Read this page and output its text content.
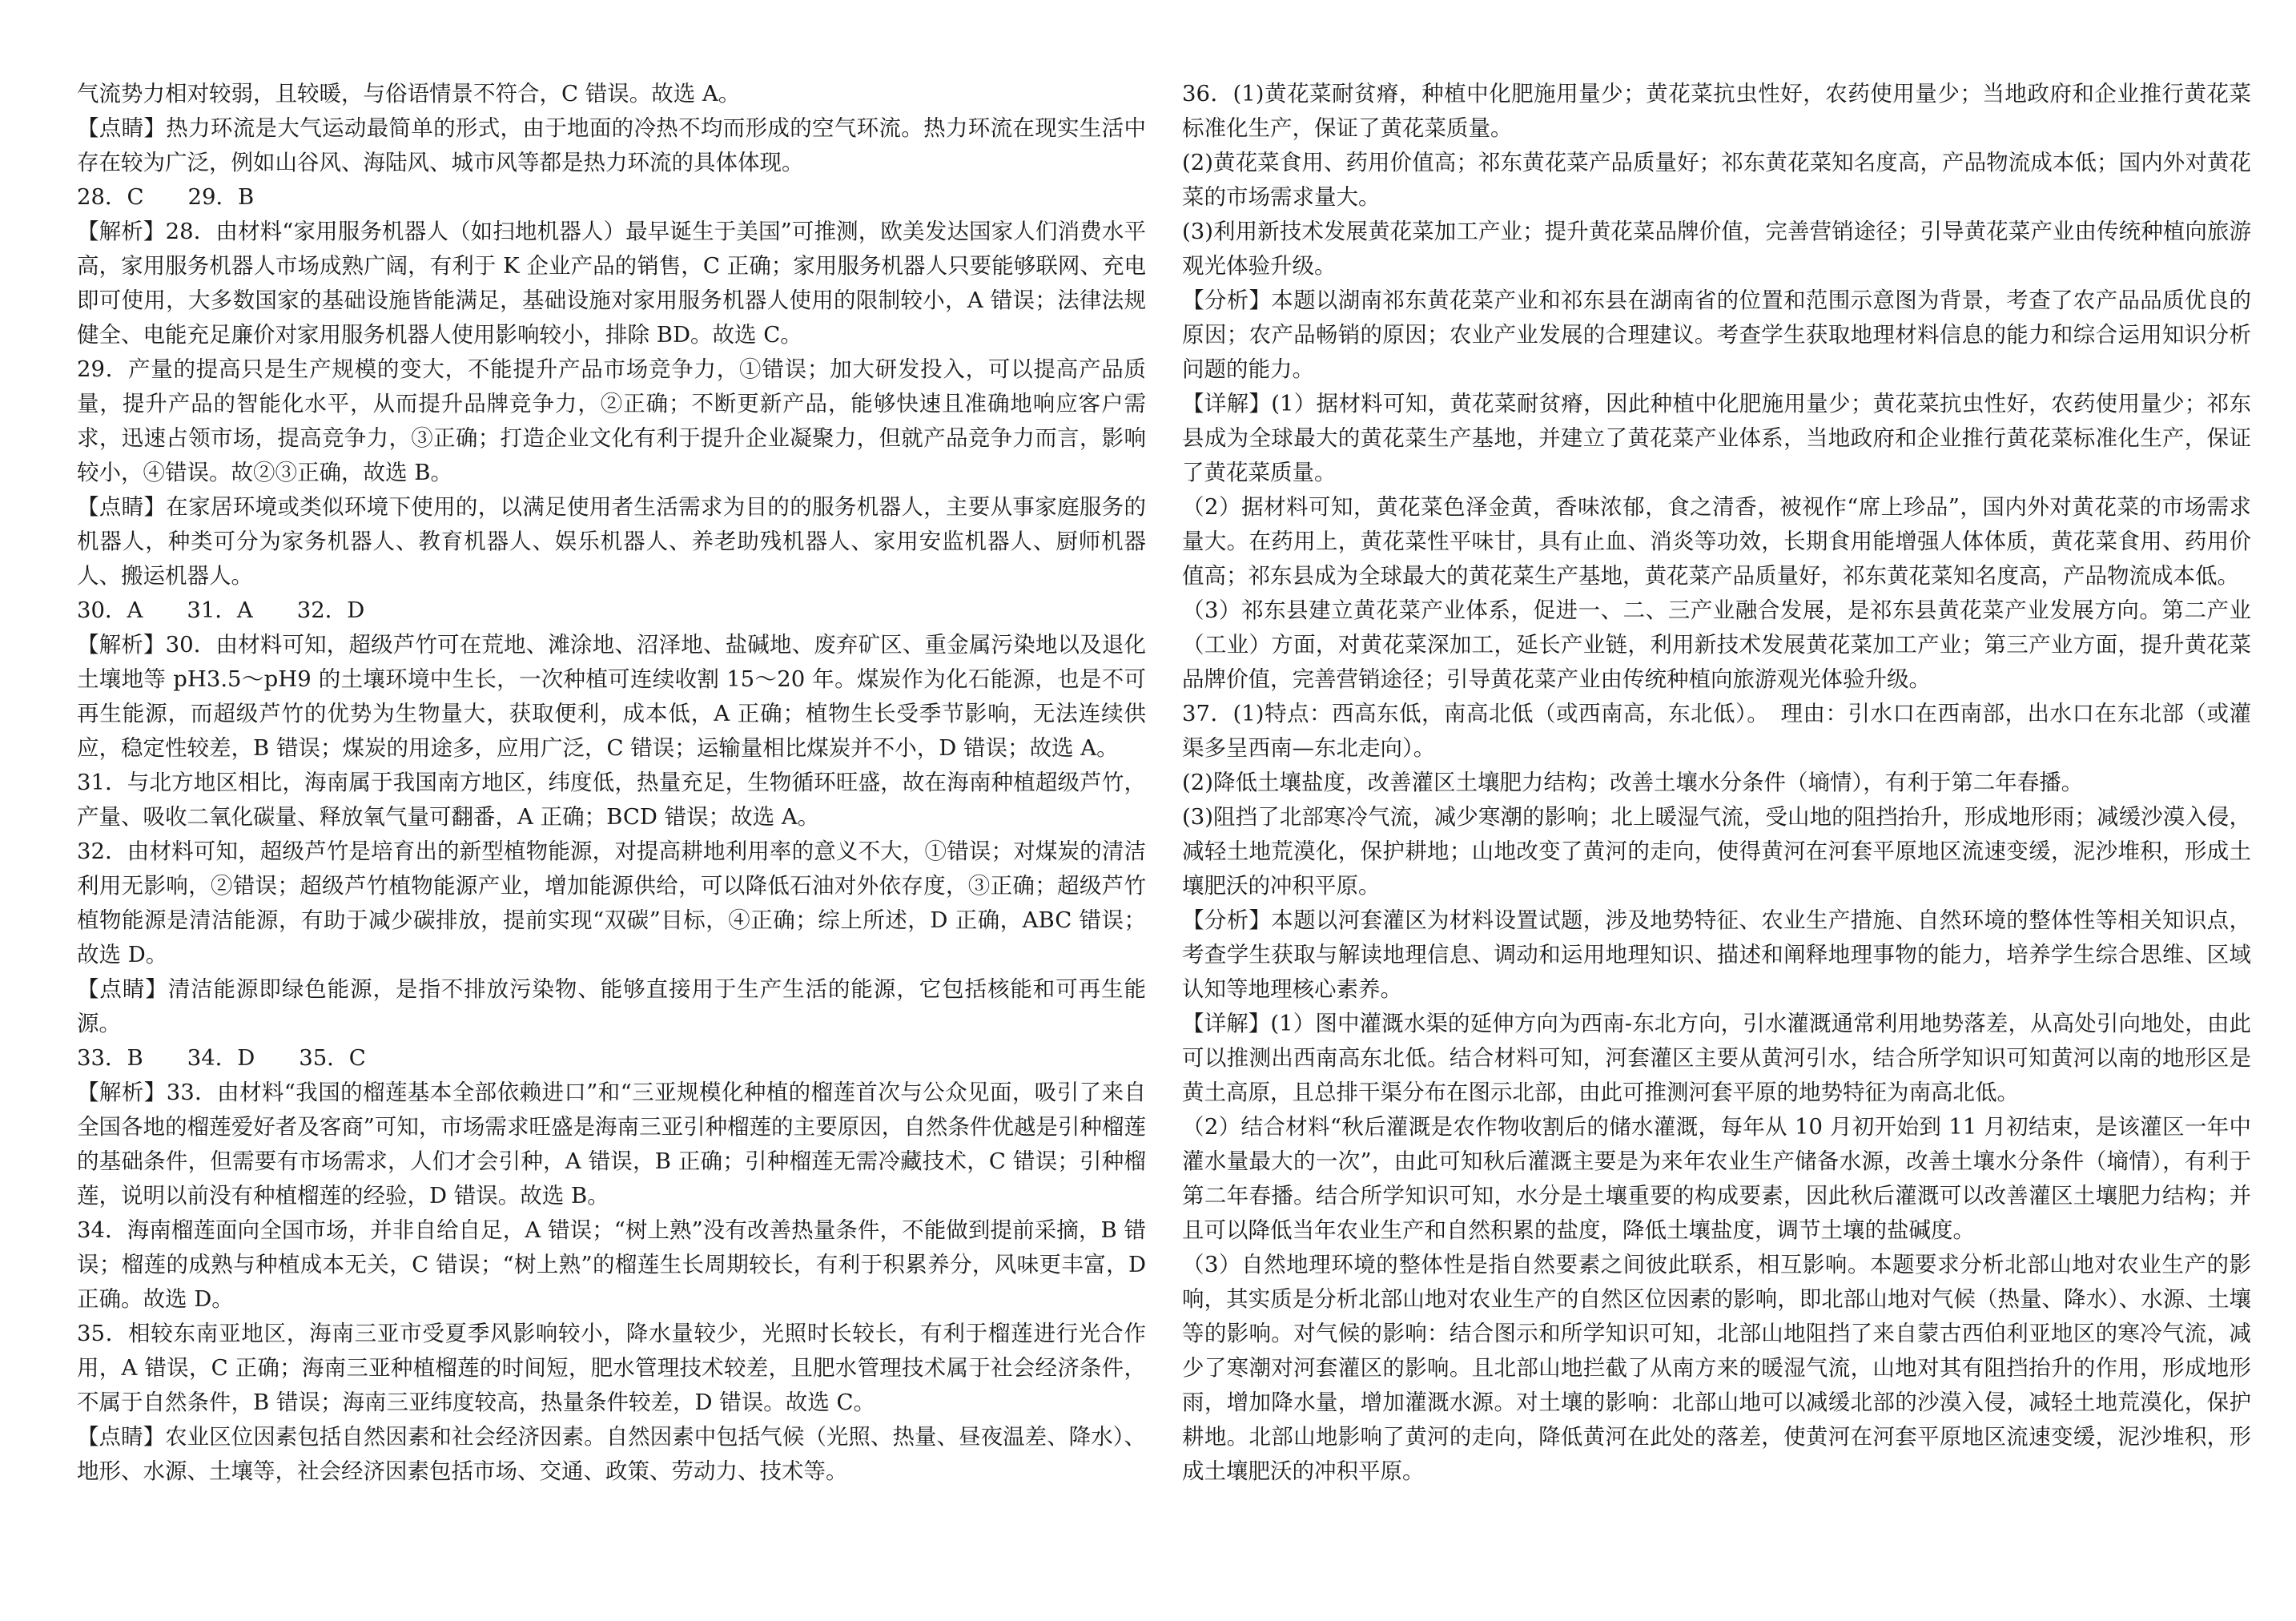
气流势力相对较弱，且较暖，与俗语情景不符合，C 错误。故选 A。

【点睛】热力环流是大气运动最简单的形式，由于地面的冷热不均而形成的空气环流。热力环流在现实生活中存在较为广泛，例如山谷风、海陆风、城市风等都是热力环流的具体体现。

28．C　　29．B

【解析】28．由材料“家用服务机器人（如扫地机器人）最早诞生于美国”可推测，欧美发达国家人们消费水平高，家用服务机器人市场成熟广阔，有利于 K 企业产品的销售，C 正确；家用服务机器人只要能够联网、充电即可使用，大多数国家的基础设施皆能满足，基础设施对家用服务机器人使用的限制较小，A 错误；法律法规健全、电能充足廉价对家用服务机器人使用影响较小，排除 BD。故选 C。

29．产量的提高只是生产规模的变大，不能提升产品市场竞争力，①错误；加大研发投入，可以提高产品质量，提升产品的智能化水平，从而提升品牌竞争力，②正确；不断更新产品，能够快速且准确地响应客户需求，迅速占领市场，提高竞争力，③正确；打造企业文化有利于提升企业凝聚力，但就产品竞争力而言，影响较小，④错误。故②③正确，故选 B。

【点睛】在家居环境或类似环境下使用的，以满足使用者生活需求为目的的服务机器人，主要从事家庭服务的机器人，种类可分为家务机器人、教育机器人、娱乐机器人、养老助残机器人、家用安监机器人、厨师机器人、搬运机器人。

30．A　　31．A　　32．D

【解析】30．由材料可知，超级芦竹可在荒地、滩涂地、沼泽地、盐碱地、废弃矿区、重金属污染地以及退化土壤地等 pH3.5～pH9 的土壤环境中生长，一次种植可连续收割 15～20 年。煤炭作为化石能源，也是不可再生能源，而超级芦竹的优势为生物量大，获取便利，成本低，A 正确；植物生长受季节影响，无法连续供应，稳定性较差，B 错误；煤炭的用途多，应用广泛，C 错误；运输量相比煤炭并不小，D 错误；故选 A。

31．与北方地区相比，海南属于我国南方地区，纬度低，热量充足，生物循环旺盛，故在海南种植超级芦竹，产量、吸收二氧化碳量、释放氧气量可翻番，A 正确；BCD 错误；故选 A。

32．由材料可知，超级芦竹是培育出的新型植物能源，对提高耕地利用率的意义不大，①错误；对煤炭的清洁利用无影响，②错误；超级芦竹植物能源产业，增加能源供给，可以降低石油对外依存度，③正确；超级芦竹植物能源是清洁能源，有助于减少碳排放，提前实现“双碳”目标，④正确；综上所述，D 正确，ABC 错误；故选 D。

【点睛】清洁能源即绿色能源，是指不排放污染物、能够直接用于生产生活的能源，它包括核能和可再生能源。

33．B　　34．D　　35．C

【解析】33．由材料“我国的榴莲基本全部依赖进口”和“三亚规模化种植的榴莲首次与公众见面，吸引了来自全国各地的榴莲爱好者及客商”可知，市场需求旺盛是海南三亚引种榴莲的主要原因，自然条件优越是引种榴莲的基础条件，但需要有市场需求，人们才会引种，A 错误，B 正确；引种榴莲无需冷藏技术，C 错误；引种榴莲，说明以前没有种植榴莲的经验，D 错误。故选 B。

34．海南榴莲面向全国市场，并非自给自足，A 错误；“树上熟”没有改善热量条件，不能做到提前采摘，B 错误；榴莲的成熟与种植成本无关，C 错误；“树上熟”的榴莲生长周期较长，有利于积累养分，风味更丰富，D 正确。故选 D。

35．相较东南亚地区，海南三亚市受夏季风影响较小，降水量较少，光照时长较长，有利于榴莲进行光合作用，A 错误，C 正确；海南三亚种植榴莲的时间短，肥水管理技术较差，且肥水管理技术属于社会经济条件，不属于自然条件，B 错误；海南三亚纬度较高，热量条件较差，D 错误。故选 C。

【点睛】农业区位因素包括自然因素和社会经济因素。自然因素中包括气候（光照、热量、昼夜温差、降水）、地形、水源、土壤等，社会经济因素包括市场、交通、政策、劳动力、技术等。

36．(1)黄花菜耐贫瘠，种植中化肥施用量少；黄花菜抗虫性好，农药使用量少；当地政府和企业推行黄花菜标准化生产，保证了黄花菜质量。

(2)黄花菜食用、药用价值高；祁东黄花菜产品质量好；祁东黄花菜知名度高，产品物流成本低；国内外对黄花菜的市场需求量大。

(3)利用新技术发展黄花菜加工产业；提升黄花菜品牌价值，完善营销途径；引导黄花菜产业由传统种植向旅游观光体验升级。

【分析】本题以湖南祁东黄花菜产业和祁东县在湖南省的位置和范围示意图为背景，考查了农产品品质优良的原因；农产品畅销的原因；农业产业发展的合理建议。考查学生获取地理材料信息的能力和综合运用知识分析问题的能力。

【详解】(1）据材料可知，黄花菜耐贫瘠，因此种植中化肥施用量少；黄花菜抗虫性好，农药使用量少；祁东县成为全球最大的黄花菜生产基地，并建立了黄花菜产业体系，当地政府和企业推行黄花菜标准化生产，保证了黄花菜质量。

（2）据材料可知，黄花菜色泽金黄，香味浓郁，食之清香，被视作“席上珍品”，国内外对黄花菜的市场需求量大。在药用上，黄花菜性平味甘，具有止血、消炎等功效，长期食用能增强人体体质，黄花菜食用、药用价值高；祁东县成为全球最大的黄花菜生产基地，黄花菜产品质量好，祁东黄花菜知名度高，产品物流成本低。

（3）祁东县建立黄花菜产业体系，促进一、二、三产业融合发展，是祁东县黄花菜产业发展方向。第二产业（工业）方面，对黄花菜深加工，延长产业链，利用新技术发展黄花菜加工产业；第三产业方面，提升黄花菜品牌价值，完善营销途径；引导黄花菜产业由传统种植向旅游观光体验升级。

37．(1)特点：西高东低，南高北低（或西南高，东北低）。　理由：引水口在西南部，出水口在东北部（或灌渠多呈西南—东北走向）。

(2)降低土壤盐度，改善灌区土壤肥力结构；改善土壤水分条件（墒情），有利于第二年春播。

(3)阻挡了北部寒冷气流，减少寒潮的影响；北上暖湿气流，受山地的阻挡抬升，形成地形雨；减缓沙漠入侵，减轻土地荒漠化，保护耕地；山地改变了黄河的走向，使得黄河在河套平原地区流速变缓，泥沙堆积，形成土壤肥沃的冲积平原。

【分析】本题以河套灌区为材料设置试题，涉及地势特征、农业生产措施、自然环境的整体性等相关知识点，考查学生获取与解读地理信息、调动和运用地理知识、描述和阐释地理事物的能力，培养学生综合思维、区域认知等地理核心素养。

【详解】(1）图中灌溉水渠的延伸方向为西南-东北方向，引水灌溉通常利用地势落差，从高处引向地处，由此可以推测出西南高东北低。结合材料可知，河套灌区主要从黄河引水，结合所学知识可知黄河以南的地形区是黄土高原，且总排干渠分布在图示北部，由此可推测河套平原的地势特征为南高北低。

（2）结合材料“秋后灌溉是农作物收割后的储水灌溉，每年从 10 月初开始到 11 月初结束，是该灌区一年中灌水量最大的一次”，由此可知秋后灌溉主要是为来年农业生产储备水源，改善土壤水分条件（墒情），有利于第二年春播。结合所学知识可知，水分是土壤重要的构成要素，因此秋后灌溉可以改善灌区土壤肥力结构；并且可以降低当年农业生产和自然积累的盐度，降低土壤盐度，调节土壤的盐碱度。

（3）自然地理环境的整体性是指自然要素之间彼此联系，相互影响。本题要求分析北部山地对农业生产的影响，其实质是分析北部山地对农业生产的自然区位因素的影响，即北部山地对气候（热量、降水）、水源、土壤等的影响。对气候的影响：结合图示和所学知识可知，北部山地阻挡了来自蒙古西伯利亚地区的寒冷气流，减少了寒潮对河套灌区的影响。且北部山地拦截了从南方来的暖湿气流，山地对其有阻挡抬升的作用，形成地形雨，增加降水量，增加灌溉水源。对土壤的影响：北部山地可以减缓北部的沙漠入侵，减轻土地荒漠化，保护耕地。北部山地影响了黄河的走向，降低黄河在此处的落差，使黄河在河套平原地区流速变缓，泥沙堆积，形成土壤肥沃的冲积平原。
